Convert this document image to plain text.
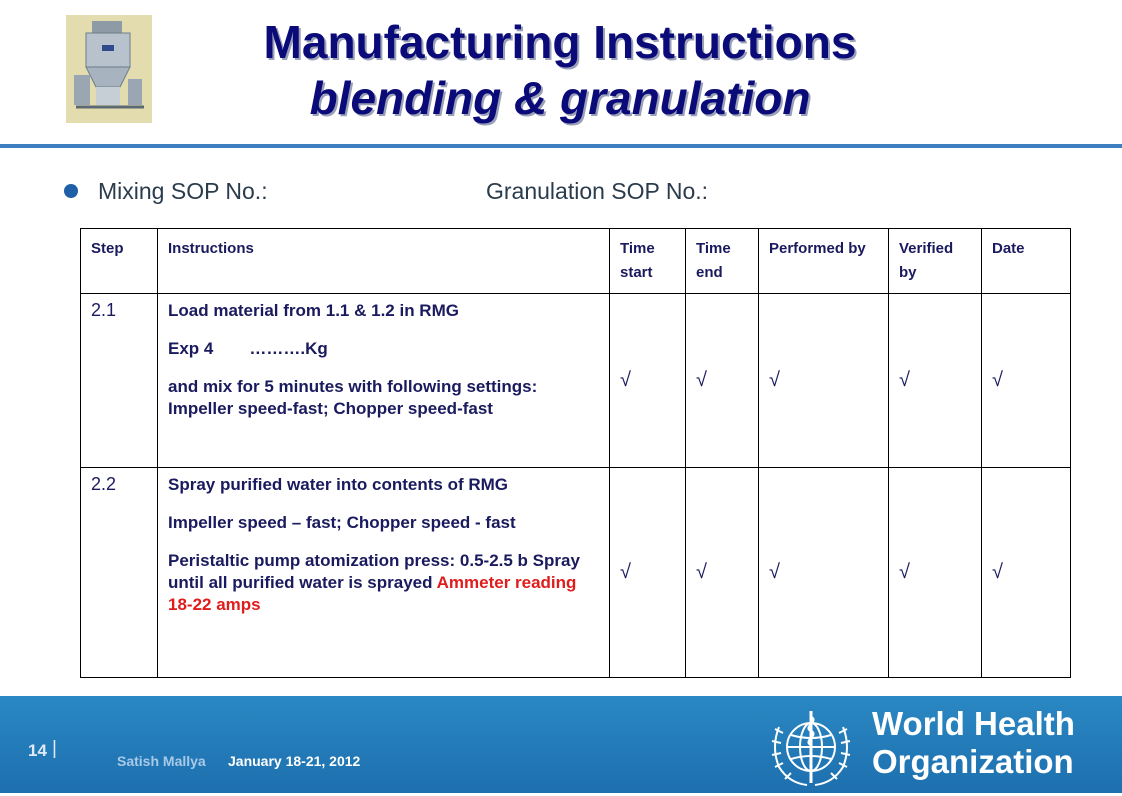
Manufacturing Instructions
blending & granulation
Mixing SOP No.:	Granulation SOP No.:
Step	Instructions	Time start	Time end	Performed by	Verified by	Date
2.1	Load material from 1.1 & 1.2 in RMG

Exp 4 ……….Kg

and mix for 5 minutes with following settings: Impeller speed-fast; Chopper speed-fast	√	√	√	√	√
2.2	Spray purified water into contents of RMG

Impeller speed – fast; Chopper speed - fast

Peristaltic pump atomization press: 0.5-2.5 b Spray until all purified water is sprayed Ammeter reading 18-22 amps	√	√	√	√	√
14 |
Satish Mallya January 18-21, 2012
World Health
Organization
